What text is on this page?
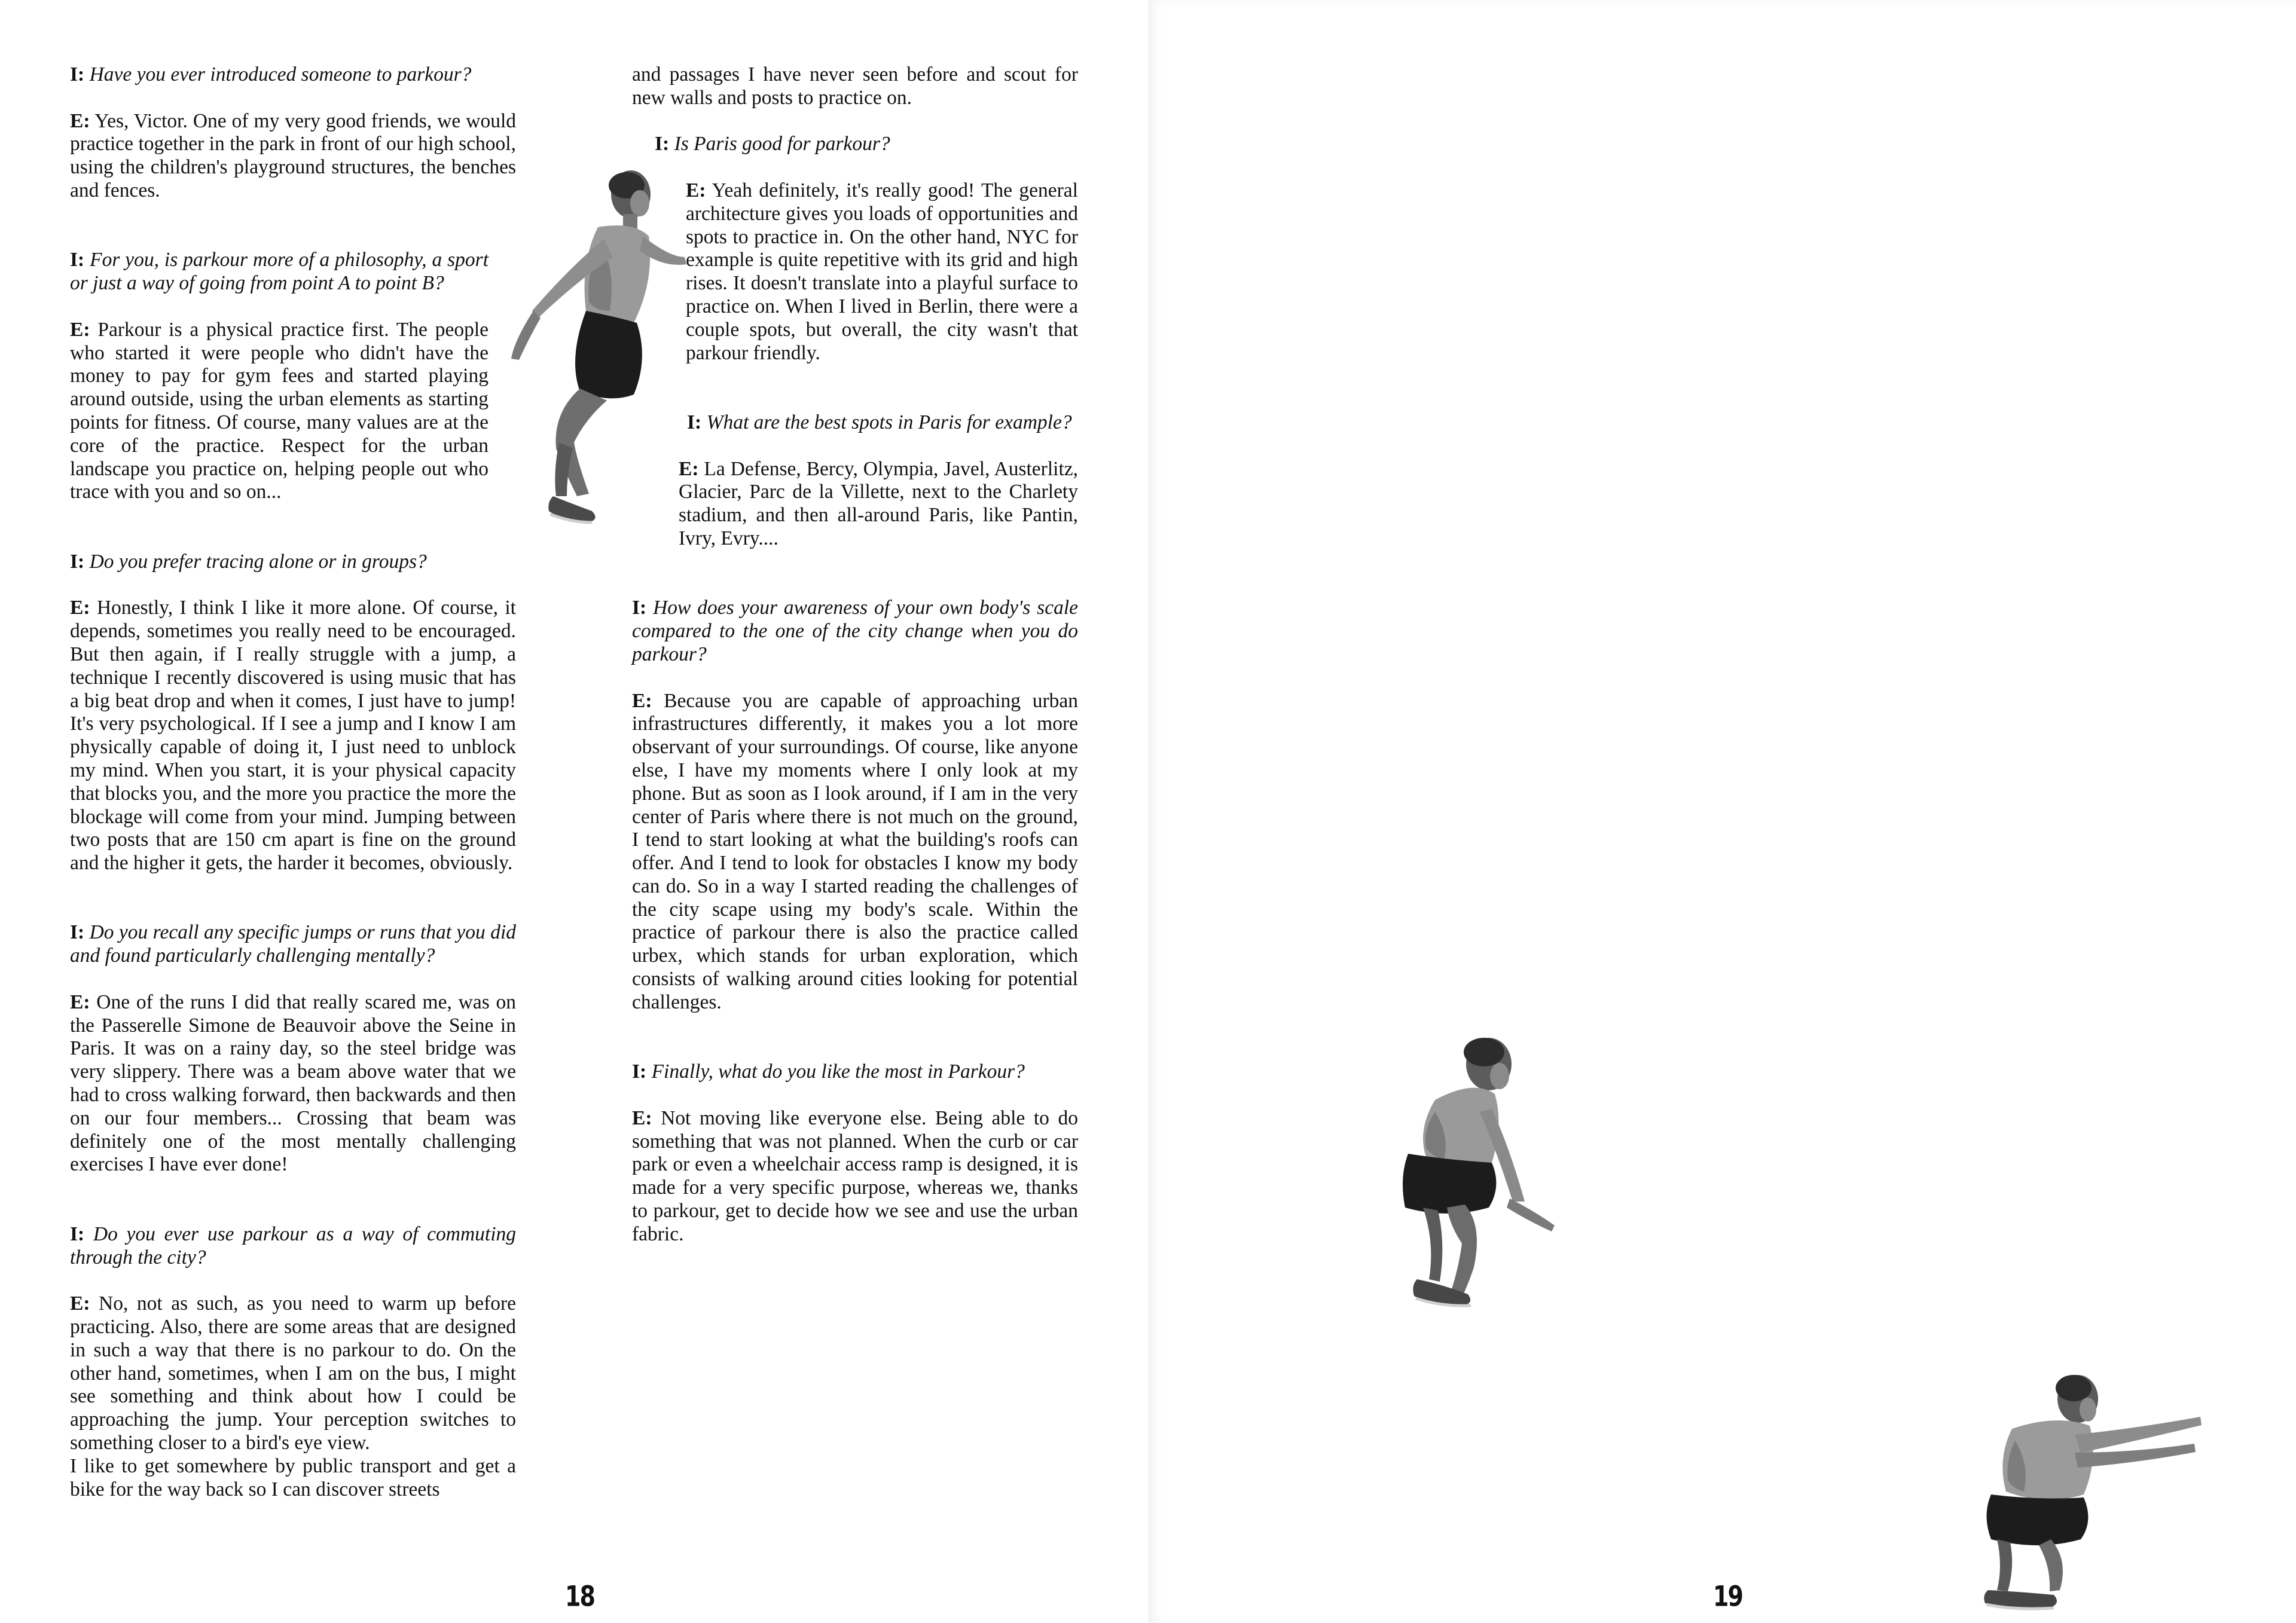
I: Have you ever introduced someone to parkour?

E: Yes, Victor. One of my very good friends, we would practice together in the park in front of our high school, using the children's playground structures, the benches and fences.

I: For you, is parkour more of a philosophy, a sport or just a way of going from point A to point B?

E: Parkour is a physical practice first. The people who started it were people who didn't have the money to pay for gym fees and started playing around outside, using the urban elements as starting points for fitness. Of course, many values are at the core of the practice. Respect for the urban landscape you practice on, helping people out who trace with you and so on...

I: Do you prefer tracing alone or in groups?

E: Honestly, I think I like it more alone. Of course, it depends, sometimes you really need to be encouraged. But then again, if I really struggle with a jump, a technique I recently discovered is using music that has a big beat drop and when it comes, I just have to jump! It's very psychological. If I see a jump and I know I am physically capable of doing it, I just need to unblock my mind. When you start, it is your physical capacity that blocks you, and the more you practice the more the blockage will come from your mind. Jumping between two posts that are 150 cm apart is fine on the ground and the higher it gets, the harder it becomes, obviously.

I: Do you recall any specific jumps or runs that you did and found particularly challenging mentally?

E: One of the runs I did that really scared me, was on the Passerelle Simone de Beauvoir above the Seine in Paris. It was on a rainy day, so the steel bridge was very slippery. There was a beam above water that we had to cross walking forward, then backwards and then on our four members... Crossing that beam was definitely one of the most mentally challenging exercises I have ever done!

I: Do you ever use parkour as a way of commuting through the city?

E: No, not as such, as you need to warm up before practicing. Also, there are some areas that are designed in such a way that there is no parkour to do. On the other hand, sometimes, when I am on the bus, I might see something and think about how I could be approaching the jump. Your perception switches to something closer to a bird's eye view.

I like to get somewhere by public transport and get a bike for the way back so I can discover streets

and passages I have never seen before and scout for new walls and posts to practice on.

I: Is Paris good for parkour?

E: Yeah definitely, it's really good! The general architecture gives you loads of opportunities and spots to practice in. On the other hand, NYC for example is quite repetitive with its grid and high rises. It doesn't translate into a playful surface to practice on. When I lived in Berlin, there were a couple spots, but overall, the city wasn't that parkour friendly.

I: What are the best spots in Paris for example?

E: La Defense, Bercy, Olympia, Javel, Austerlitz, Glacier, Parc de la Villette, next to the Charlety stadium, and then all-around Paris, like Pantin, Ivry, Evry....

I: How does your awareness of your own body's scale compared to the one of the city change when you do parkour?

E: Because you are capable of approaching urban infrastructures differently, it makes you a lot more observant of your surroundings. Of course, like anyone else, I have my moments where I only look at my phone. But as soon as I look around, if I am in the very center of Paris where there is not much on the ground, I tend to start looking at what the building's roofs can offer. And I tend to look for obstacles I know my body can do. So in a way I started reading the challenges of the city scape using my body's scale. Within the practice of parkour there is also the practice called urbex, which stands for urban exploration, which consists of walking around cities looking for potential challenges.

I: Finally, what do you like the most in Parkour?

E: Not moving like everyone else. Being able to do something that was not planned. When the curb or car park or even a wheelchair access ramp is designed, it is made for a very specific purpose, whereas we, thanks to parkour, get to decide how we see and use the urban fabric.

18	19
